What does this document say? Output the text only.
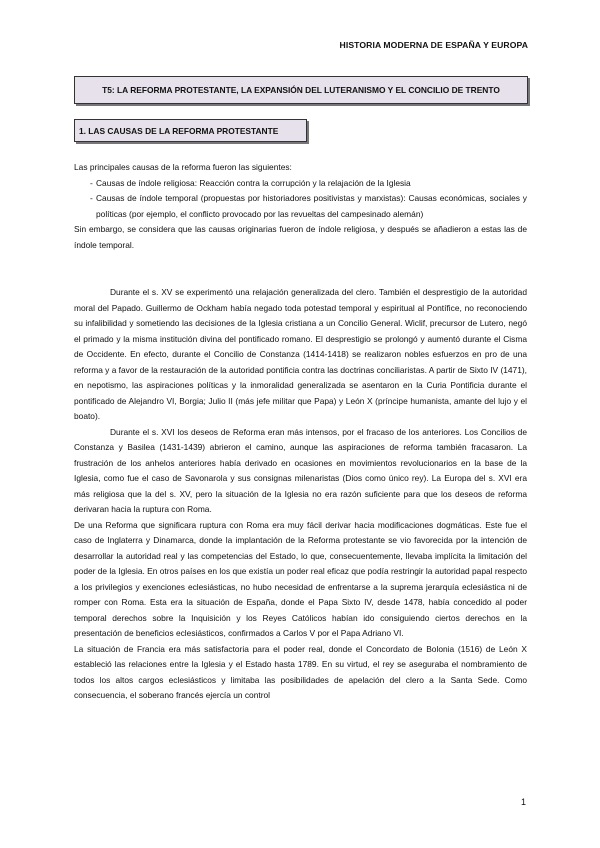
HISTORIA MODERNA DE ESPAÑA Y EUROPA
T5: LA REFORMA PROTESTANTE, LA EXPANSIÓN DEL LUTERANISMO Y EL CONCILIO DE TRENTO
1. LAS CAUSAS DE LA REFORMA PROTESTANTE

Las principales causas de la reforma fueron las siguientes:

- Causas de índole religiosa: Reacción contra la corrupción y la relajación de la Iglesia
- Causas de índole temporal (propuestas por historiadores positivistas y marxistas): Causas económicas, sociales y políticas (por ejemplo, el conflicto provocado por las revueltas del campesinado alemán)

Sin embargo, se considera que las causas originarias fueron de índole religiosa, y después se añadieron a estas las de índole temporal.

Durante el s. XV se experimentó una relajación generalizada del clero. También el desprestigio de la autoridad moral del Papado. Guillermo de Ockham había negado toda potestad temporal y espiritual al Pontífice, no reconociendo su infalibilidad y sometiendo las decisiones de la Iglesia cristiana a un Concilio General. Wiclif, precursor de Lutero, negó el primado y la misma institución divina del pontificado romano. El desprestigio se prolongó y aumentó durante el Cisma de Occidente. En efecto, durante el Concilio de Constanza (1414-1418) se realizaron nobles esfuerzos en pro de una reforma y a favor de la restauración de la autoridad pontificia contra las doctrinas conciliaristas. A partir de Sixto IV (1471), en nepotismo, las aspiraciones políticas y la inmoralidad generalizada se asentaron en la Curia Pontificia durante el pontificado de Alejandro VI, Borgia; Julio II (más jefe militar que Papa) y León X (príncipe humanista, amante del lujo y el boato).

Durante el s. XVI los deseos de Reforma eran más intensos, por el fracaso de los anteriores. Los Concilios de Constanza y Basilea (1431-1439) abrieron el camino, aunque las aspiraciones de reforma también fracasaron. La frustración de los anhelos anteriores había derivado en ocasiones en movimientos revolucionarios en la base de la Iglesia, como fue el caso de Savonarola y sus consignas milenaristas (Dios como único rey). La Europa del s. XVI era más religiosa que la del s. XV, pero la situación de la Iglesia no era razón suficiente para que los deseos de reforma derivaran hacia la ruptura con Roma.

De una Reforma que significara ruptura con Roma era muy fácil derivar hacia modificaciones dogmáticas. Este fue el caso de Inglaterra y Dinamarca, donde la implantación de la Reforma protestante se vio favorecida por la intención de desarrollar la autoridad real y las competencias del Estado, lo que, consecuentemente, llevaba implícita la limitación del poder de la Iglesia. En otros países en los que existía un poder real eficaz que podía restringir la autoridad papal respecto a los privilegios y exenciones eclesiásticas, no hubo necesidad de enfrentarse a la suprema jerarquía eclesiástica ni de romper con Roma. Esta era la situación de España, donde el Papa Sixto IV, desde 1478, había concedido al poder temporal derechos sobre la Inquisición y los Reyes Católicos habían ido consiguiendo ciertos derechos en la presentación de beneficios eclesiásticos, confirmados a Carlos V por el Papa Adriano VI.

La situación de Francia era más satisfactoria para el poder real, donde el Concordato de Bolonia (1516) de León X estableció las relaciones entre la Iglesia y el Estado hasta 1789. En su virtud, el rey se aseguraba el nombramiento de todos los altos cargos eclesiásticos y limitaba las posibilidades de apelación del clero a la Santa Sede. Como consecuencia, el soberano francés ejercía un control

1
